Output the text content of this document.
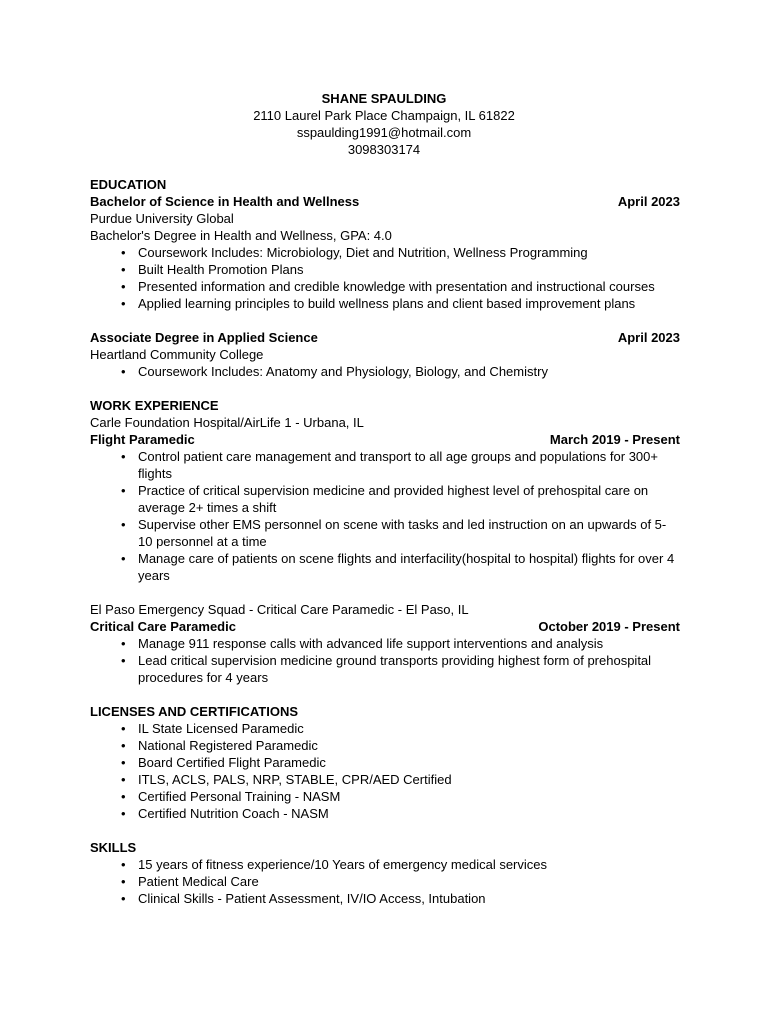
SHANE SPAULDING
2110 Laurel Park Place Champaign, IL 61822
sspaulding1991@hotmail.com
3098303174
EDUCATION
Bachelor of Science in Health and Wellness	April 2023
Purdue University Global
Bachelor's Degree in Health and Wellness, GPA: 4.0
• Coursework Includes: Microbiology, Diet and Nutrition, Wellness Programming
• Built Health Promotion Plans
• Presented information and credible knowledge with presentation and instructional courses
• Applied learning principles to build wellness plans and client based improvement plans
Associate Degree in Applied Science	April 2023
Heartland Community College
• Coursework Includes: Anatomy and Physiology, Biology, and Chemistry
WORK EXPERIENCE
Carle Foundation Hospital/AirLife 1 - Urbana, IL
Flight Paramedic	March 2019 - Present
• Control patient care management and transport to all age groups and populations for 300+ flights
• Practice of critical supervision medicine and provided highest level of prehospital care on average 2+ times a shift
• Supervise other EMS personnel on scene with tasks and led instruction on an upwards of 5-10 personnel at a time
• Manage care of patients on scene flights and interfacility(hospital to hospital) flights for over 4 years
El Paso Emergency Squad - Critical Care Paramedic - El Paso, IL
Critical Care Paramedic	October 2019 - Present
• Manage 911 response calls with advanced life support interventions and analysis
• Lead critical supervision medicine ground transports providing highest form of prehospital procedures for 4 years
LICENSES AND CERTIFICATIONS
• IL State Licensed Paramedic
• National Registered Paramedic
• Board Certified Flight Paramedic
• ITLS, ACLS, PALS, NRP, STABLE, CPR/AED Certified
• Certified Personal Training - NASM
• Certified Nutrition Coach - NASM
SKILLS
• 15 years of fitness experience/10 Years of emergency medical services
• Patient Medical Care
• Clinical Skills - Patient Assessment, IV/IO Access, Intubation
